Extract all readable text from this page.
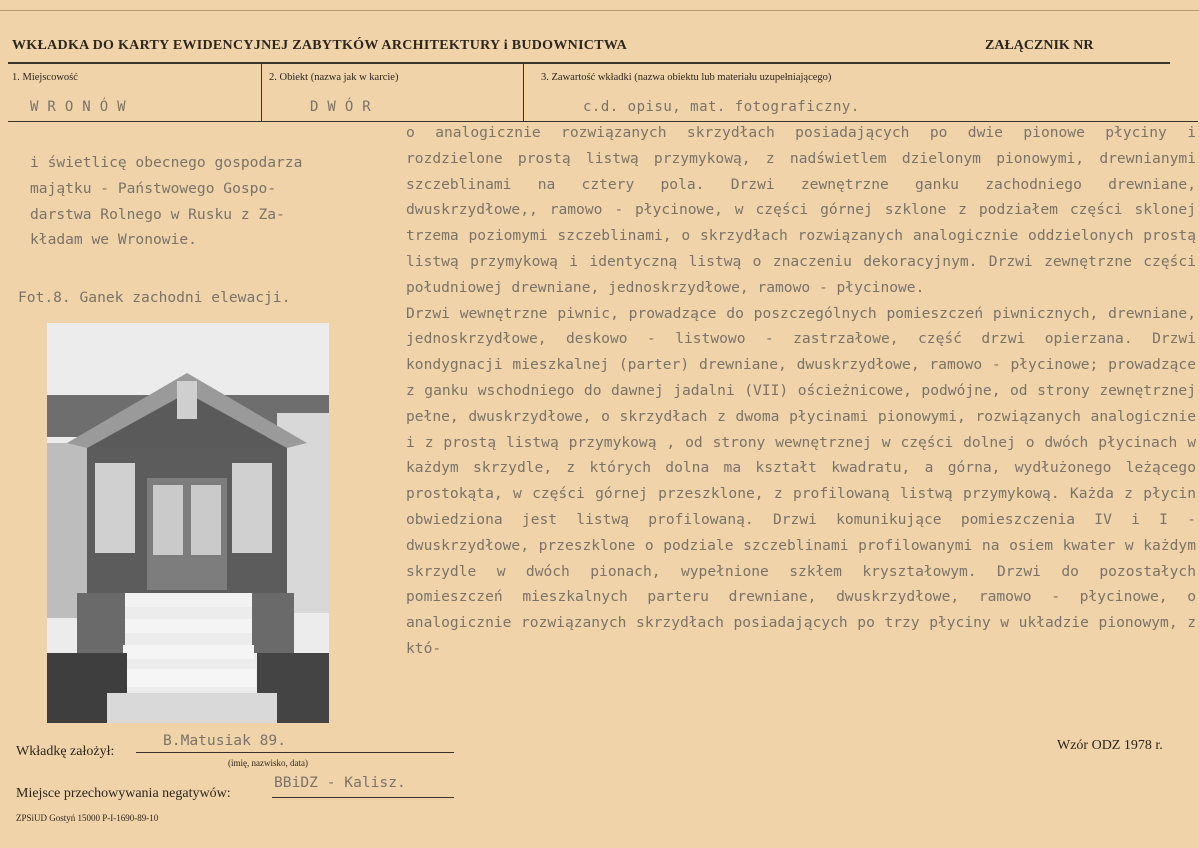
WKŁADKA DO KARTY EWIDENCYJNEJ ZABYTKÓW ARCHITEKTURY i BUDOWNICTWA	ZAŁĄCZNIK NR
1. Miejscowość
WRONÓW
2. Obiekt (nazwa jak w karcie)
DWÓR
3. Zawartość wkładki (nazwa obiektu lub materiału uzupełniającego)
c.d. opisu, mat. fotograficzny.

i świetlicę obecnego gospodarza

majątku - Państwowego Gospo-

darstwa Rolnego w Rusku z Za-

kładam we Wronowie.

Fot.8. Ganek zachodni elewacji.

o analogicznie rozwiązanych skrzydłach posiadających po dwie pionowe płyciny i rozdzielone prostą listwą przymykową, z nadświetlem dzielonym pionowymi, drewnianymi szczeblinami na cztery pola. Drzwi zewnętrzne ganku zachodniego drewniane, dwuskrzydłowe,, ramowo - płycinowe, w części górnej szklone z podziałem części sklonej trzema poziomymi szczeblinami, o skrzydłach rozwiązanych analogicznie oddzielonych prostą listwą przymykową i identyczną listwą o znaczeniu dekoracyjnym. Drzwi zewnętrzne części południowej drewniane, jednoskrzydłowe, ramowo - płycinowe.

Drzwi wewnętrzne piwnic, prowadzące do poszczególnych pomieszczeń piwnicznych, drewniane, jednoskrzydłowe, deskowo - listwowo - zastrzałowe, część drzwi opierzana. Drzwi kondygnacji mieszkalnej (parter) drewniane, dwuskrzydłowe, ramowo - płycinowe; prowadzące z ganku wschodniego do dawnej jadalni (VII) ościeżnicowe, podwójne, od strony zewnętrznej pełne, dwuskrzydłowe, o skrzydłach z dwoma płycinami pionowymi, rozwiązanych analogicznie i z prostą listwą przymykową , od strony wewnętrznej w części dolnej o dwóch płycinach w każdym skrzydle, z których dolna ma kształt kwadratu, a górna, wydłużonego leżącego prostokąta, w części górnej przeszklone, z profilowaną listwą przymykową. Każda z płycin obwiedziona jest listwą profilowaną. Drzwi komunikujące pomieszczenia IV i I - dwuskrzydłowe, przeszklone o podziale szczeblinami profilowanymi na osiem kwater w każdym skrzydle w dwóch pionach, wypełnione szkłem kryształowym. Drzwi do pozostałych pomieszczeń mieszkalnych parteru drewniane, dwuskrzydłowe, ramowo - płycinowe, o analogicznie rozwiązanych skrzydłach posiadających po trzy płyciny w układzie pionowym, z któ-

Wkładkę założył:
B.Matusiak 89.
(imię, nazwisko, data)
Miejsce przechowywania negatywów:
BBiDZ - Kalisz.
Wzór ODZ 1978 r.
ZPSiUD Gostyń 15000 P-I-1690-89-10
